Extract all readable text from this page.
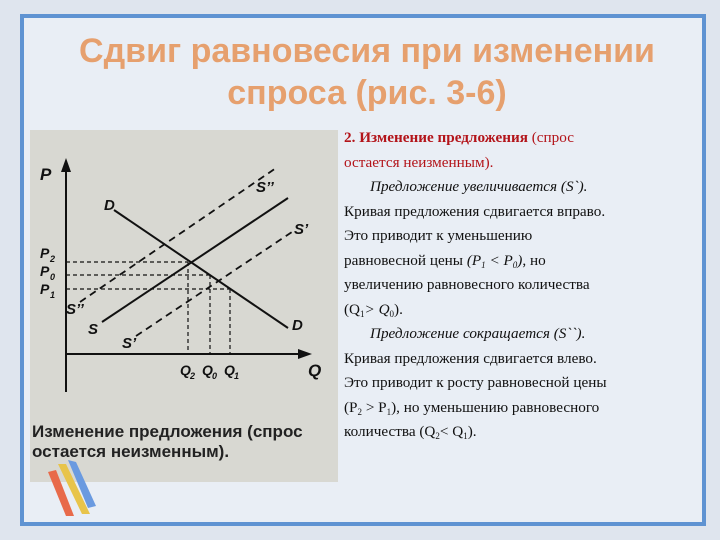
Сдвиг равновесия при изменении
спроса (рис. 3-6)
P
Q
P 2
P 0
P 1
Q 2 Q 0 Q 1
D
D
S’’
S’
S
S’’
S’
Изменение предложения (спрос
остается неизменным).

2. Изменение предложения (спрос

остается неизменным).

Предложение увеличивается (S`).

Кривая предложения сдвигается вправо.

Это приводит к уменьшению

равновесной цены $(P_1 < P_0)$, но

увеличению равновесного количества

$(Q_1> Q_0)$.

Предложение сокращается (S``).

Кривая предложения сдвигается влево.

Это приводит к росту равновесной цены

$(P_2 > P_1)$, но уменьшению равновесного

количества $(Q_2< Q_1)$.
